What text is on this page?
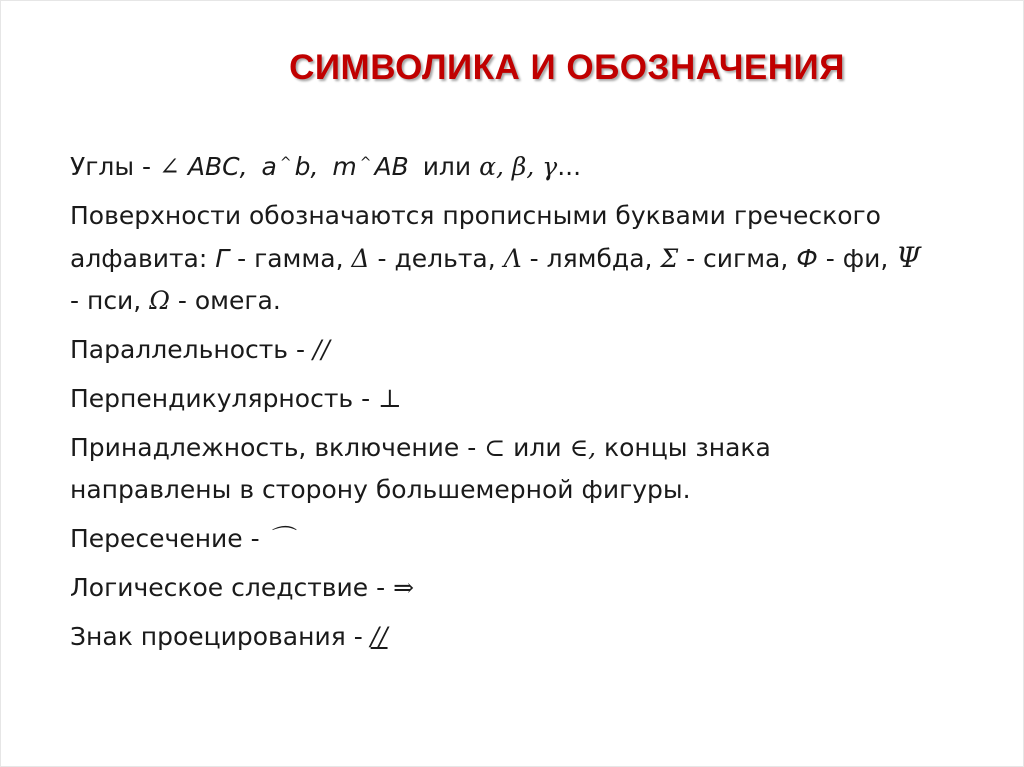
СИМВОЛИКА И ОБОЗНАЧЕНИЯ
Углы - ∠ ABC, a ^ b, m ^ AB или α, β, γ...
Поверхности обозначаются прописными буквами греческого
алфавита: Г - гамма, Δ - дельта, Λ - лямбда, Σ - сигма, Ф - фи, Ψ
- пси, Ω - омега.
Параллельность - //
Перпендикулярность - ⊥
Принадлежность, включение - ⊂ или ∈, концы знака
направлены в сторону большемерной фигуры.
Пересечение - ⌒
Логическое следствие - ⇒
Знак проецирования - //
